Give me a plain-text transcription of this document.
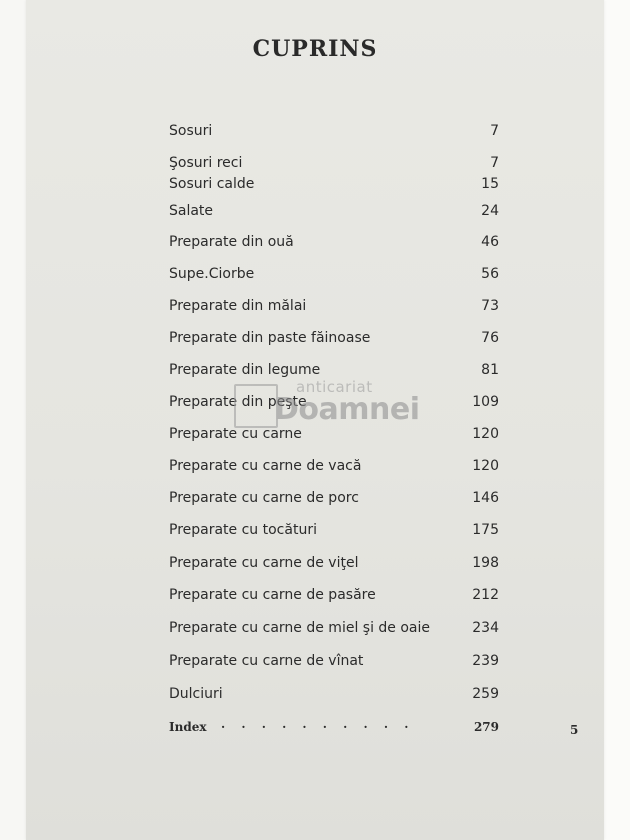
CUPRINS
Sosuri	7
Şosuri reci	7
Sosuri calde	15
Salate	24
Preparate din ouă	46
Supe.Ciorbe	56
Preparate din mălai	73
Preparate din paste făinoase	76
Preparate din legume	81
Preparate din peşte	109
Preparate cu carne	120
Preparate cu carne de vacă	120
Preparate cu carne de porc	146
Preparate cu tocături	175
Preparate cu carne de viţel	198
Preparate cu carne de pasăre	212
Preparate cu carne de miel şi de oaie	234
Preparate cu carne de vînat	239
Dulciuri	259
Index . . . . . . . . . .	279
anticariat
Doamnei
5
